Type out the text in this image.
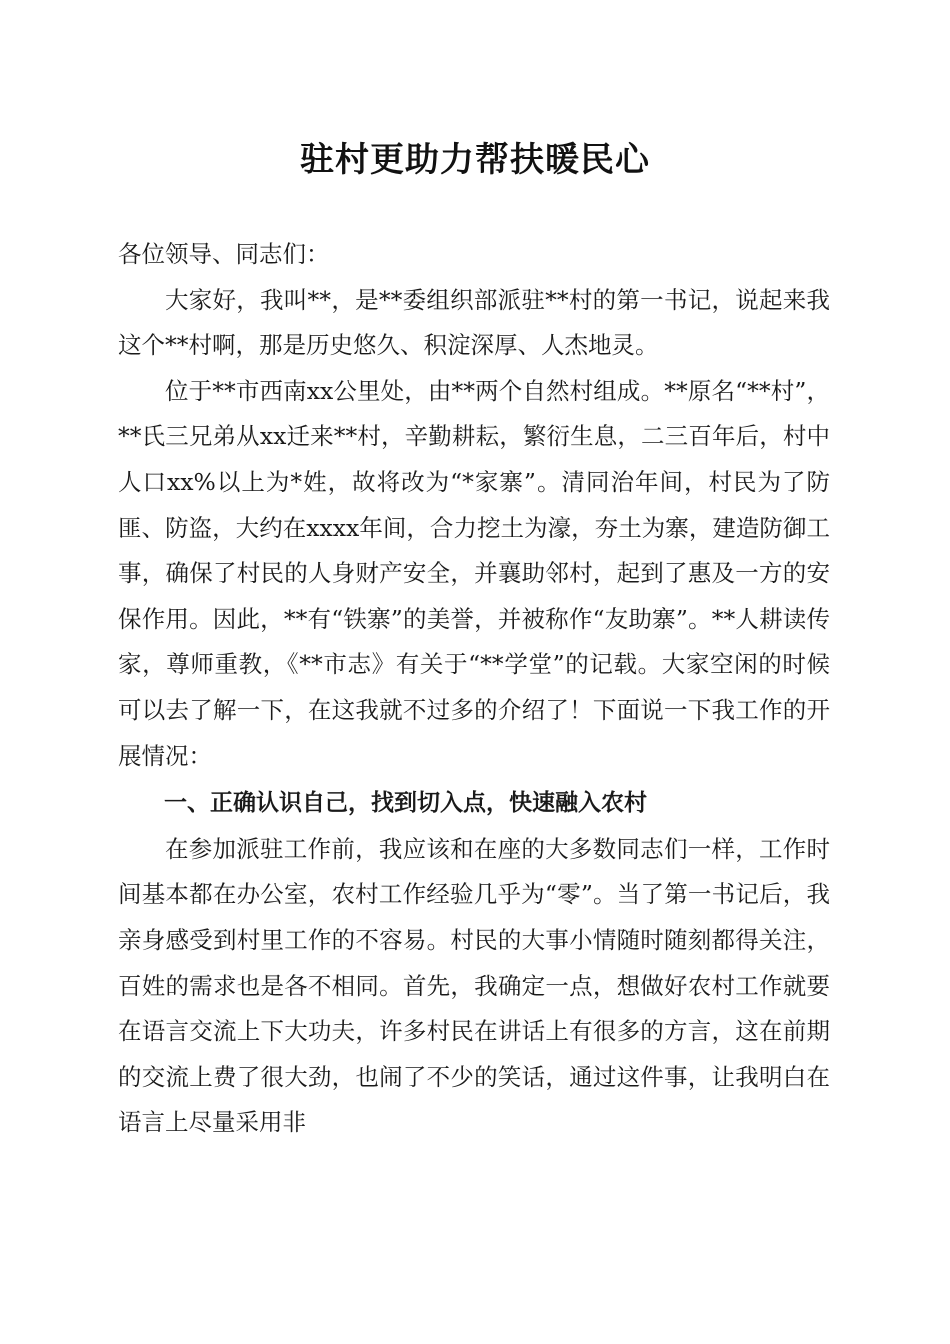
驻村更助力帮扶暖民心

各位领导、同志们：

大家好，我叫**，是**委组织部派驻**村的第一书记，说起来我这个**村啊，那是历史悠久、积淀深厚、人杰地灵。

位于**市西南xx公里处，由**两个自然村组成。**原名“**村”，**氏三兄弟从xx迁来**村，辛勤耕耘，繁衍生息，二三百年后，村中人口xx%以上为*姓，故将改为“*家寨”。清同治年间，村民为了防匪、防盗，大约在xxxx年间，合力挖土为濠，夯土为寨，建造防御工事，确保了村民的人身财产安全，并襄助邻村，起到了惠及一方的安保作用。因此，**有“铁寨”的美誉，并被称作“友助寨”。**人耕读传家，尊师重教，《**市志》有关于“**学堂”的记载。大家空闲的时候可以去了解一下，在这我就不过多的介绍了！下面说一下我工作的开展情况：

一、正确认识自己，找到切入点，快速融入农村

在参加派驻工作前，我应该和在座的大多数同志们一样，工作时间基本都在办公室，农村工作经验几乎为“零”。当了第一书记后，我亲身感受到村里工作的不容易。村民的大事小情随时随刻都得关注，百姓的需求也是各不相同。首先，我确定一点，想做好农村工作就要在语言交流上下大功夫，许多村民在讲话上有很多的方言，这在前期的交流上费了很大劲，也闹了不少的笑话，通过这件事，让我明白在语言上尽量采用非
